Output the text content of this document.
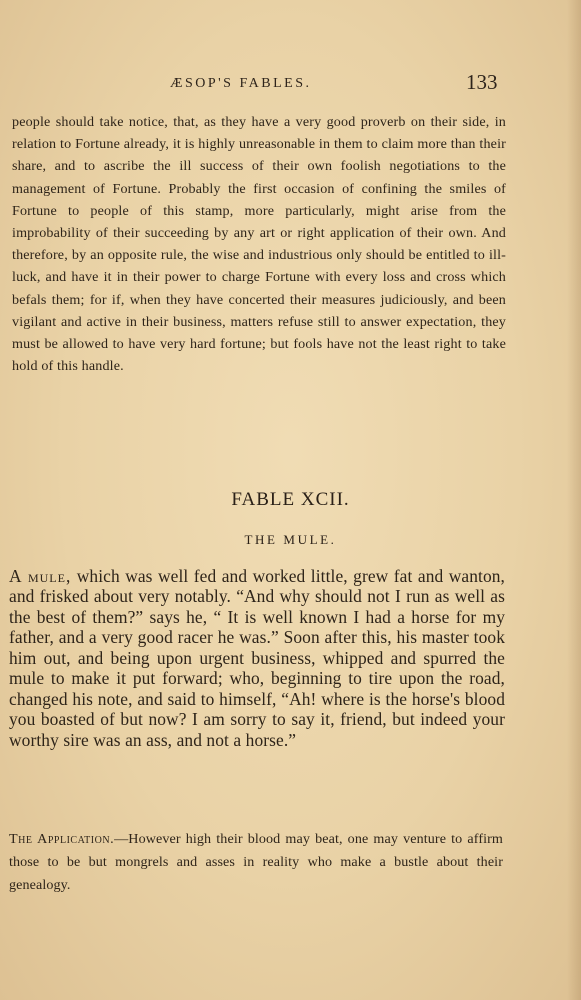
ÆSOP'S FABLES.	133

people should take notice, that, as they have a very good proverb on their side, in relation to Fortune already, it is highly unreasonable in them to claim more than their share, and to ascribe the ill success of their own foolish negotiations to the management of Fortune. Probably the first occasion of confining the smiles of Fortune to people of this stamp, more particularly, might arise from the improbability of their succeeding by any art or right application of their own. And therefore, by an opposite rule, the wise and industrious only should be entitled to ill-luck, and have it in their power to charge Fortune with every loss and cross which befals them; for if, when they have concerted their measures judiciously, and been vigilant and active in their business, matters refuse still to answer expectation, they must be allowed to have very hard fortune; but fools have not the least right to take hold of this handle.

FABLE XCII.
THE MULE.

A mule, which was well fed and worked little, grew fat and wanton, and frisked about very notably. “And why should not I run as well as the best of them?” says he, “ It is well known I had a horse for my father, and a very good racer he was.” Soon after this, his master took him out, and being upon urgent business, whipped and spurred the mule to make it put forward; who, beginning to tire upon the road, changed his note, and said to himself, “Ah! where is the horse's blood you boasted of but now? I am sorry to say it, friend, but indeed your worthy sire was an ass, and not a horse.”

The Application.—However high their blood may beat, one may venture to affirm those to be but mongrels and asses in reality who make a bustle about their genealogy.
